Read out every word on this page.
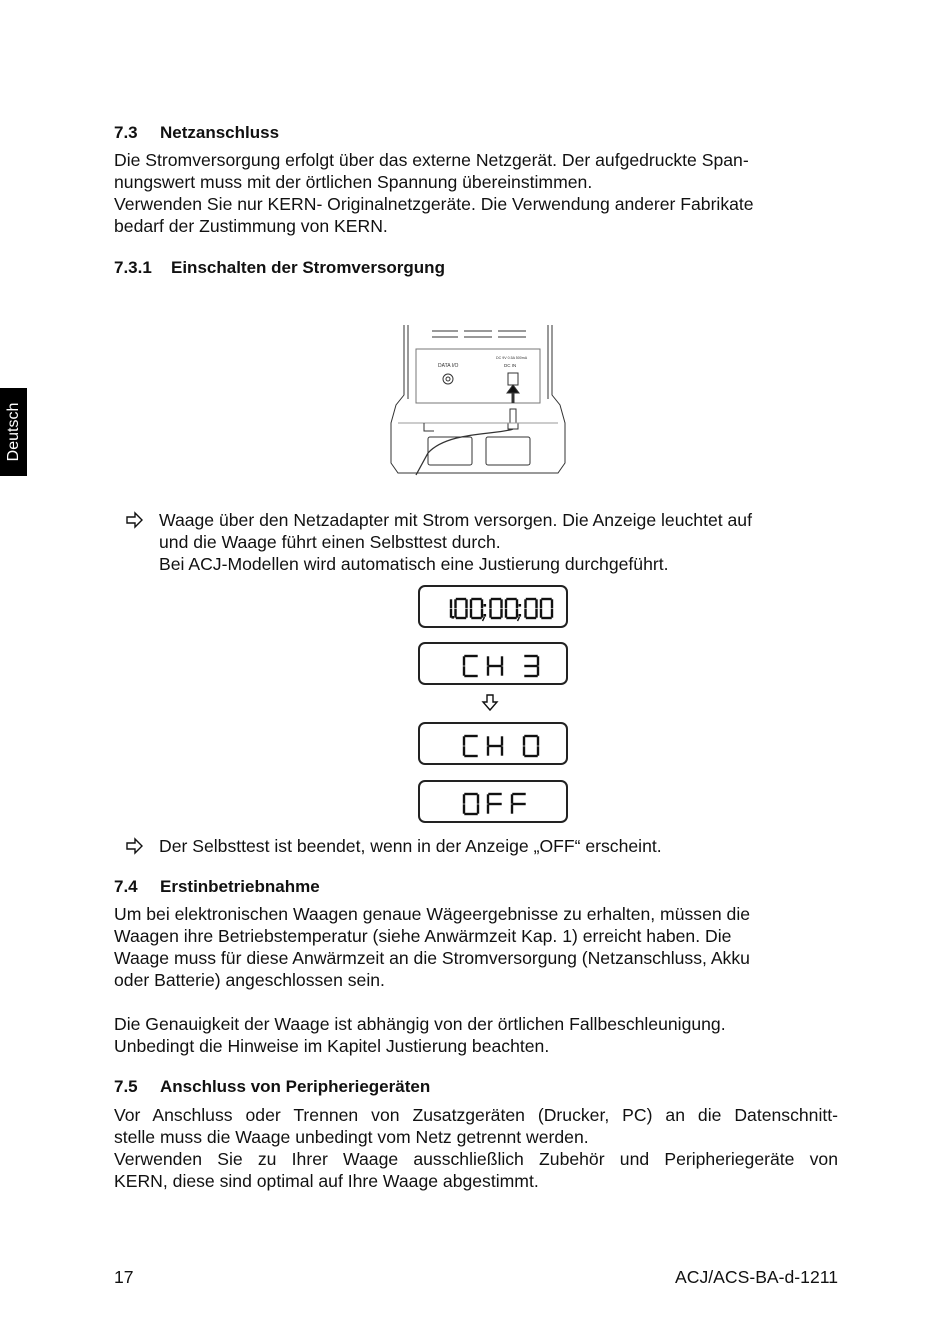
Deutsch
7.3 Netzanschluss

Die Stromversorgung erfolgt über das externe Netzgerät. Der aufgedruckte Span-

nungswert muss mit der örtlichen Spannung übereinstimmen.

Verwenden Sie nur KERN- Originalnetzgeräte. Die Verwendung anderer Fabrikate

bedarf der Zustimmung von KERN.

7.3.1 Einschalten der Stromversorgung
DATA I/O	DC IN
DC 9V 0.5A 500mA

Waage über den Netzadapter mit Strom versorgen. Die Anzeige leuchtet auf

und die Waage führt einen Selbsttest durch.

Bei ACJ-Modellen wird automatisch eine Justierung durchgeführt.

Der Selbsttest ist beendet, wenn in der Anzeige „OFF“ erscheint.

7.4 Erstinbetriebnahme

Um bei elektronischen Waagen genaue Wägeergebnisse zu erhalten, müssen die

Waagen ihre Betriebstemperatur (siehe Anwärmzeit Kap. 1) erreicht haben. Die

Waage muss für diese Anwärmzeit an die Stromversorgung (Netzanschluss, Akku

oder Batterie) angeschlossen sein.

Die Genauigkeit der Waage ist abhängig von der örtlichen Fallbeschleunigung.

Unbedingt die Hinweise im Kapitel Justierung beachten.

7.5 Anschluss von Peripheriegeräten

Vor Anschluss oder Trennen von Zusatzgeräten (Drucker, PC) an die Datenschnitt-

stelle muss die Waage unbedingt vom Netz getrennt werden.

Verwenden Sie zu Ihrer Waage ausschließlich Zubehör und Peripheriegeräte von

KERN, diese sind optimal auf Ihre Waage abgestimmt.

17	ACJ/ACS-BA-d-1211
